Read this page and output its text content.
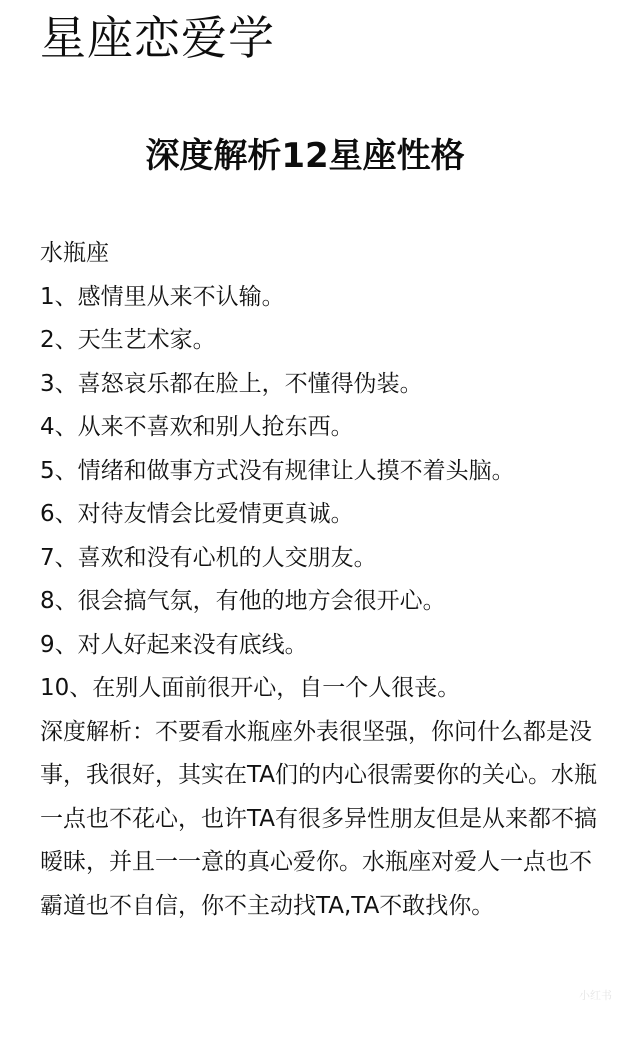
星座恋爱学
深度解析12星座性格
水瓶座
1、感情里从来不认输。
2、天生艺术家。
3、喜怒哀乐都在脸上，不懂得伪装。
4、从来不喜欢和别人抢东西。
5、情绪和做事方式没有规律让人摸不着头脑。
6、对待友情会比爱情更真诚。
7、喜欢和没有心机的人交朋友。
8、很会搞气氛，有他的地方会很开心。
9、对人好起来没有底线。
10、在别人面前很开心，自一个人很丧。

深度解析：不要看水瓶座外表很坚强，你问什么都是没事，我很好，其实在TA们的内心很需要你的关心。水瓶一点也不花心，也许TA有很多异性朋友但是从来都不搞暧昧，并且一一意的真心爱你。水瓶座对爱人一点也不霸道也不自信，你不主动找TA,TA不敢找你。

小红书
